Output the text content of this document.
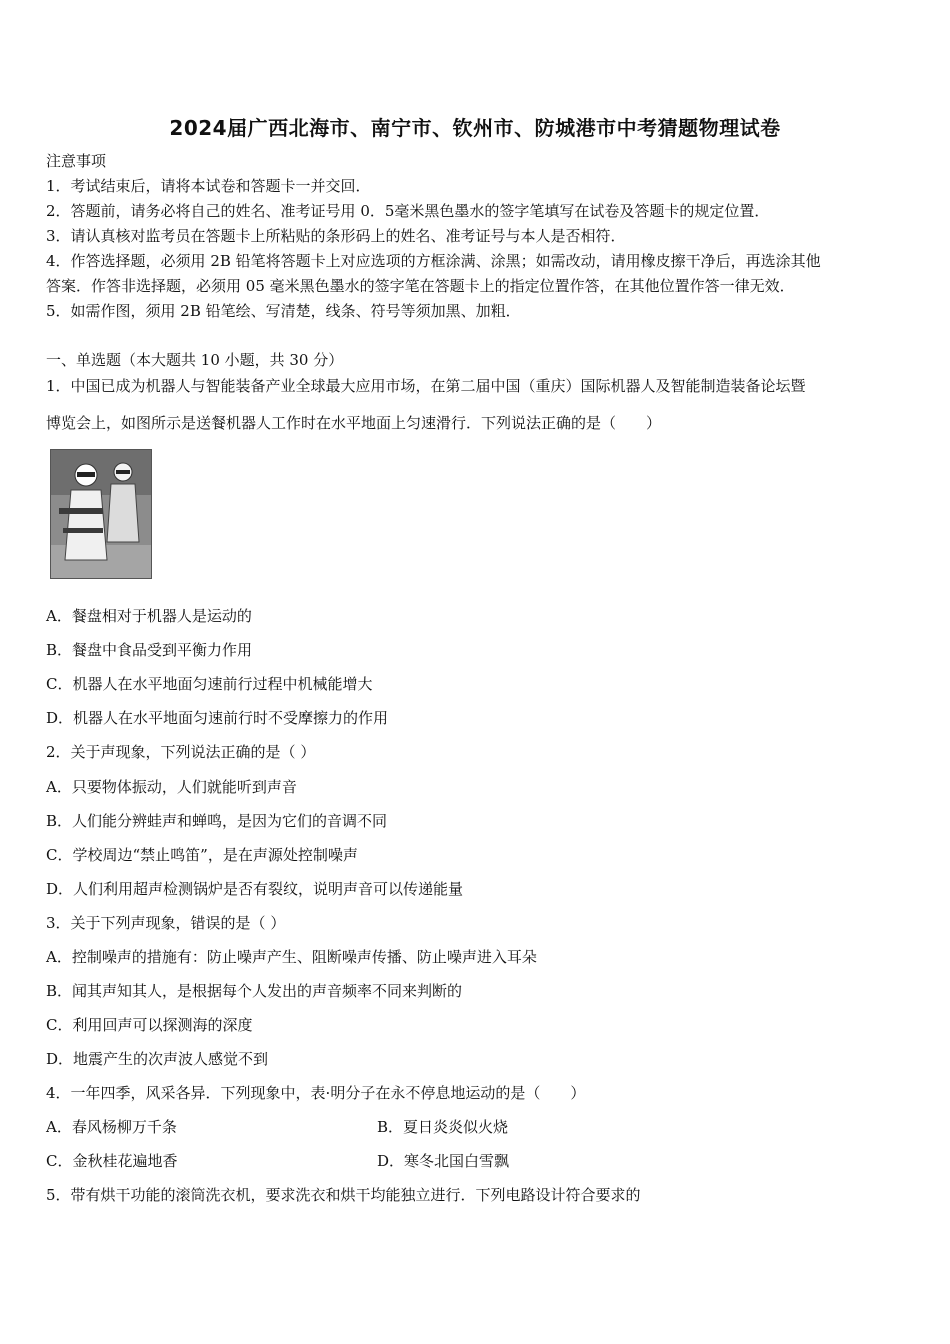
2024届广西北海市、南宁市、钦州市、防城港市中考猜题物理试卷
注意事项
1．考试结束后，请将本试卷和答题卡一并交回．
2．答题前，请务必将自己的姓名、准考证号用 0．5毫米黑色墨水的签字笔填写在试卷及答题卡的规定位置．
3．请认真核对监考员在答题卡上所粘贴的条形码上的姓名、准考证号与本人是否相符．
4．作答选择题，必须用 2B 铅笔将答题卡上对应选项的方框涂满、涂黑；如需改动，请用橡皮擦干净后，再选涂其他
答案．作答非选择题，必须用 05 毫米黑色墨水的签字笔在答题卡上的指定位置作答，在其他位置作答一律无效．
5．如需作图，须用 2B 铅笔绘、写清楚，线条、符号等须加黑、加粗．
一、单选题（本大题共 10 小题，共 30 分）
1．中国已成为机器人与智能装备产业全球最大应用市场，在第二届中国（重庆）国际机器人及智能制造装备论坛暨
博览会上，如图所示是送餐机器人工作时在水平地面上匀速滑行．下列说法正确的是（　　）
A．餐盘相对于机器人是运动的
B．餐盘中食品受到平衡力作用
C．机器人在水平地面匀速前行过程中机械能增大
D．机器人在水平地面匀速前行时不受摩擦力的作用
2．关于声现象，下列说法正确的是（ ）
A．只要物体振动，人们就能听到声音
B．人们能分辨蛙声和蝉鸣，是因为它们的音调不同
C．学校周边“禁止鸣笛”，是在声源处控制噪声
D．人们利用超声检测锅炉是否有裂纹，说明声音可以传递能量
3．关于下列声现象，错误的是（ ）
A．控制噪声的措施有：防止噪声产生、阻断噪声传播、防止噪声进入耳朵
B．闻其声知其人，是根据每个人发出的声音频率不同来判断的
C．利用回声可以探测海的深度
D．地震产生的次声波人感觉不到
4．一年四季，风采各异．下列现象中，表·明分子在永不停息地运动的是（　　）
A．春风杨柳万千条	B．夏日炎炎似火烧
C．金秋桂花遍地香	D．寒冬北国白雪飘
5．带有烘干功能的滚筒洗衣机，要求洗衣和烘干均能独立进行．下列电路设计符合要求的
